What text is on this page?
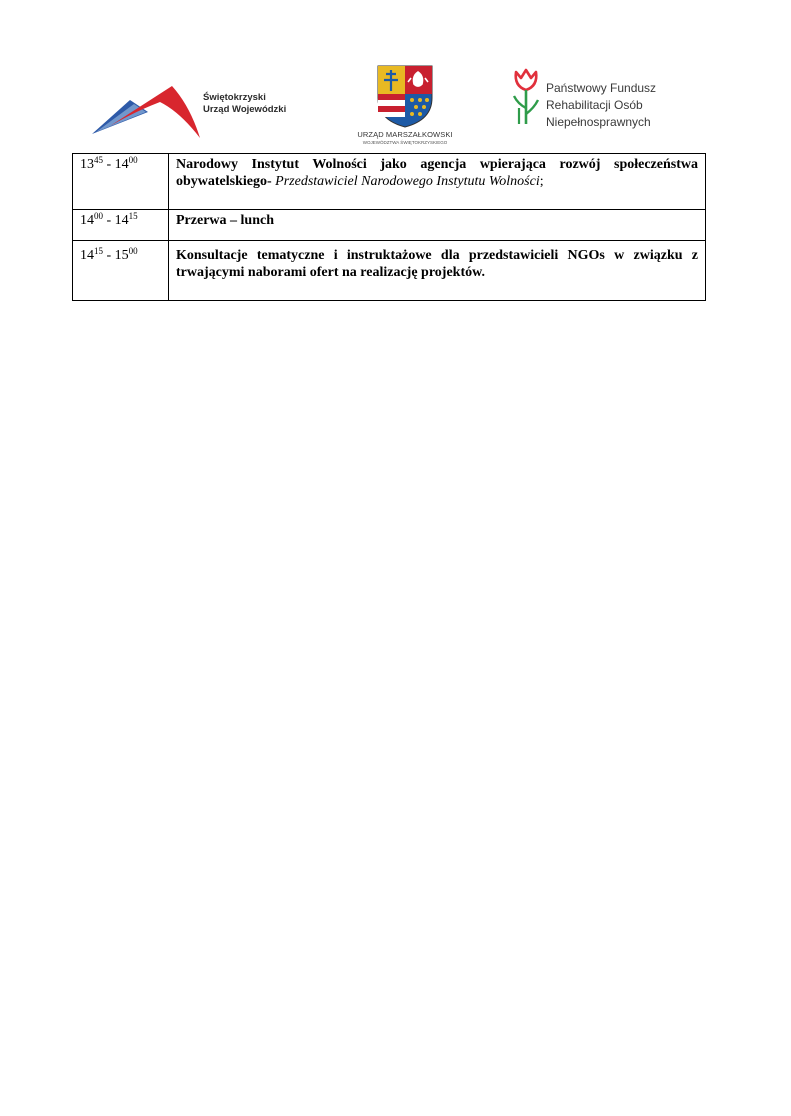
Świętokrzyski
Urząd Wojewódzki
URZĄD MARSZAŁKOWSKI
WOJEWÓDZTWA ŚWIĘTOKRZYSKIEGO
Państwowy Fundusz
Rehabilitacji Osób
Niepełnosprawnych
$13^{45} - 14^{00}$	Narodowy Instytut Wolności jako agencja wpierająca rozwój społeczeństwa obywatelskiego- Przedstawiciel Narodowego Instytutu Wolności;
$14^{00} - 14^{15}$	Przerwa – lunch
$14^{15} - 15^{00}$	Konsultacje tematyczne i instruktażowe dla przedstawicieli NGOs w związku z trwającymi naborami ofert na realizację projektów.
